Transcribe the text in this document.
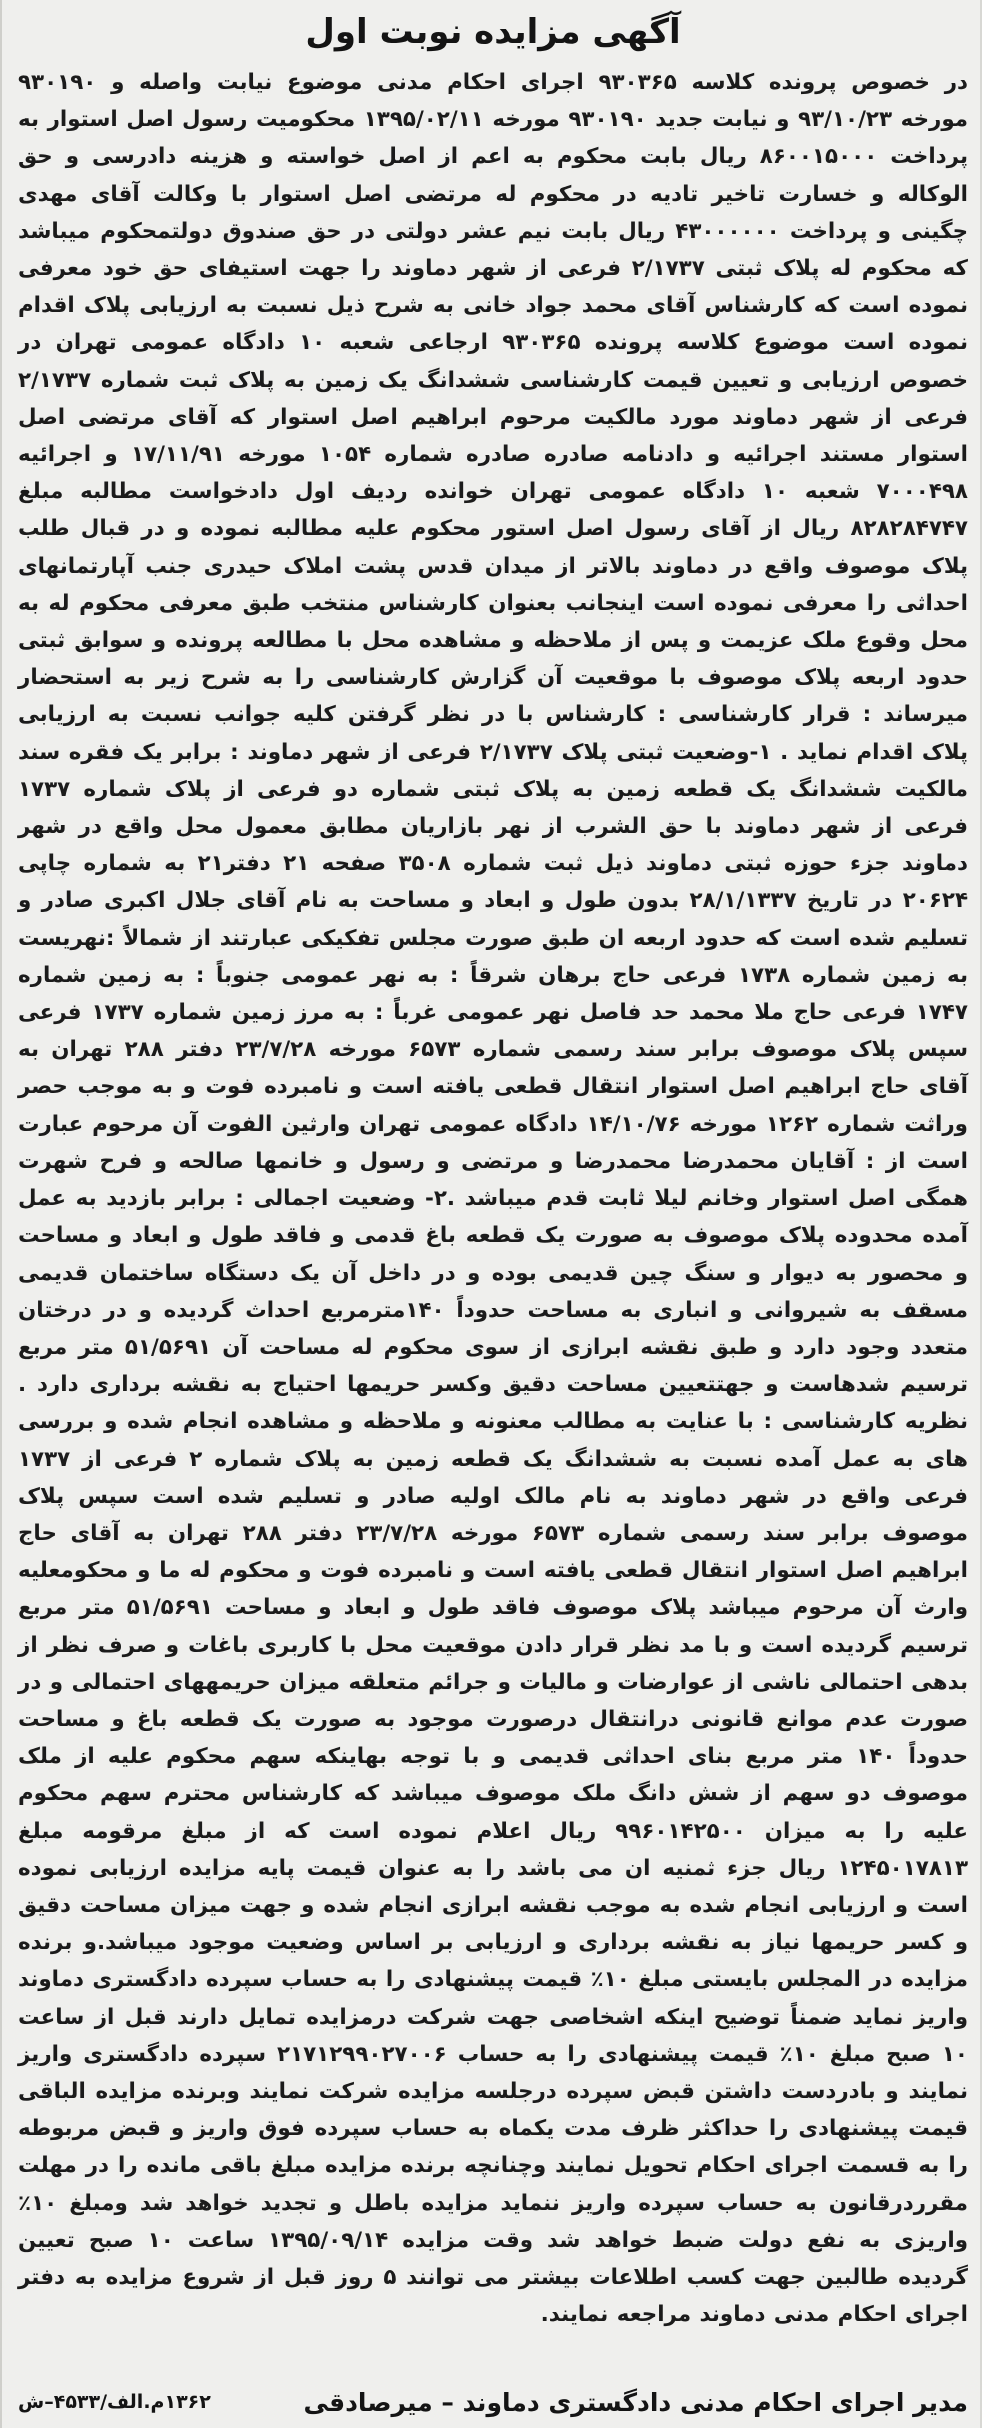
آگهی مزایده نوبت اول
در خصوص پرونده کلاسه ۹۳۰۳۶۵ اجرای احکام مدنی موضوع نیابت واصله و ۹۳۰۱۹۰ مورخه ۹۳/۱۰/۲۳ و نیابت جدید ۹۳۰۱۹۰ مورخه ۱۳۹۵/۰۲/۱۱ محکومیت رسول اصل استوار به پرداخت ۸۶۰۰۱۵۰۰۰ ریال بابت محکوم به اعم از اصل خواسته و هزینه دادرسی و حق الوکاله و خسارت تاخیر تادیه در محکوم له مرتضی اصل استوار با وکالت آقای مهدی چگینی و پرداخت ۴۳۰۰۰۰۰۰ ریال بابت نیم عشر دولتی در حق صندوق دولتمحکوم میباشد که محکوم له پلاک ثبتی ۲/۱۷۳۷ فرعی از شهر دماوند را جهت استیفای حق خود معرفی نموده است که کارشناس آقای محمد جواد خانی به شرح ذیل نسبت به ارزیابی پلاک اقدام نموده است موضوع کلاسه پرونده ۹۳۰۳۶۵ ارجاعی شعبه ۱۰ دادگاه عمومی تهران در خصوص ارزیابی و تعیین قیمت کارشناسی ششدانگ یک زمین به پلاک ثبت شماره ۲/۱۷۳۷ فرعی از شهر دماوند مورد مالکیت مرحوم ابراهیم اصل استوار که آقای مرتضی اصل استوار مستند اجرائیه و دادنامه صادره صادره شماره ۱۰۵۴ مورخه ۱۷/۱۱/۹۱ و اجرائیه ۷۰۰۰۴۹۸ شعبه ۱۰ دادگاه عمومی تهران خوانده ردیف اول دادخواست مطالبه مبلغ ۸۲۸۲۸۴۷۴۷ ریال از آقای رسول اصل استور محکوم علیه مطالبه نموده و در قبال طلب پلاک موصوف واقع در دماوند بالاتر از میدان قدس پشت املاک حیدری جنب آپارتمانهای احداثی را معرفی نموده است اینجانب بعنوان کارشناس منتخب طبق معرفی محکوم له به محل وقوع ملک عزیمت و پس از ملاحظه و مشاهده محل با مطالعه پرونده و سوابق ثبتی حدود اربعه پلاک موصوف با موقعیت آن گزارش کارشناسی را به شرح زیر به استحضار میرساند : قرار کارشناسی : کارشناس با در نظر گرفتن کلیه جوانب نسبت به ارزیابی پلاک اقدام نماید . ۱-وضعیت ثبتی پلاک ۲/۱۷۳۷ فرعی از شهر دماوند : برابر یک فقره سند مالکیت ششدانگ یک قطعه زمین به پلاک ثبتی شماره دو فرعی از پلاک شماره ۱۷۳۷ فرعی از شهر دماوند با حق الشرب از نهر بازاریان مطابق معمول محل واقع در شهر دماوند جزء حوزه ثبتی دماوند ذیل ثبت شماره ۳۵۰۸ صفحه ۲۱ دفتر۲۱ به شماره چاپی ۲۰۶۲۴ در تاریخ ۲۸/۱/۱۳۳۷ بدون طول و ابعاد و مساحت به نام آقای جلال اکبری صادر و تسلیم شده است که حدود اربعه ان طبق صورت مجلس تفکیکی عبارتند از شمالاً :نهریست به زمین شماره ۱۷۳۸ فرعی حاج برهان شرقاً : به نهر عمومی جنوباً : به زمین شماره ۱۷۴۷ فرعی حاج ملا محمد حد فاصل نهر عمومی غرباً : به مرز زمین شماره ۱۷۳۷ فرعی سپس پلاک موصوف برابر سند رسمی شماره ۶۵۷۳ مورخه ۲۳/۷/۲۸ دفتر ۲۸۸ تهران به آقای حاج ابراهیم اصل استوار انتقال قطعی یافته است و نامبرده فوت و به موجب حصر وراثت شماره ۱۲۶۲ مورخه ۱۴/۱۰/۷۶ دادگاه عمومی تهران وارثین الفوت آن مرحوم عبارت است از : آقایان محمدرضا محمدرضا و مرتضی و رسول و خانمها صالحه و فرح شهرت همگی اصل استوار وخانم لیلا ثابت قدم میباشد .۲- وضعیت اجمالی : برابر بازدید به عمل آمده محدوده پلاک موصوف به صورت یک قطعه باغ قدمی و فاقد طول و ابعاد و مساحت و محصور به دیوار و سنگ چین قدیمی بوده و در داخل آن یک دستگاه ساختمان قدیمی مسقف به شیروانی و انباری به مساحت حدوداً ۱۴۰مترمربع احداث گردیده و در درختان متعدد وجود دارد و طبق نقشه ابرازی از سوی محکوم له مساحت آن ۵۱/۵۶۹۱ متر مربع ترسیم شدهاست و جهتتعیین مساحت دقیق وکسر حریمها احتیاج به نقشه برداری دارد . نظریه کارشناسی : با عنایت به مطالب معنونه و ملاحظه و مشاهده انجام شده و بررسی های به عمل آمده نسبت به ششدانگ یک قطعه زمین به پلاک شماره ۲ فرعی از ۱۷۳۷ فرعی واقع در شهر دماوند به نام مالک اولیه صادر و تسلیم شده است سپس پلاک موصوف برابر سند رسمی شماره ۶۵۷۳ مورخه ۲۳/۷/۲۸ دفتر ۲۸۸ تهران به آقای حاج ابراهیم اصل استوار انتقال قطعی یافته است و نامبرده فوت و محکوم له ما و محکومعلیه وارث آن مرحوم میباشد پلاک موصوف فاقد طول و ابعاد و مساحت ۵۱/۵۶۹۱ متر مربع ترسیم گردیده است و با مد نظر قرار دادن موقعیت محل با کاربری باغات و صرف نظر از بدهی احتمالی ناشی از عوارضات و مالیات و جرائم متعلقه میزان حریمههای احتمالی و در صورت عدم موانع قانونی درانتقال درصورت موجود به صورت یک قطعه باغ و مساحت حدوداً ۱۴۰ متر مربع بنای احداثی قدیمی و با توجه بهاینکه سهم محکوم علیه از ملک موصوف دو سهم از شش دانگ ملک موصوف میباشد که کارشناس محترم سهم محکوم علیه را به میزان ۹۹۶۰۱۴۲۵۰۰ ریال اعلام نموده است که از مبلغ مرقومه مبلغ ۱۲۴۵۰۱۷۸۱۳ ریال جزء ثمنیه ان می باشد را به عنوان قیمت پایه مزایده ارزیابی نموده است و ارزیابی انجام شده به موجب نقشه ابرازی انجام شده و جهت میزان مساحت دقیق و کسر حریمها نیاز به نقشه برداری و ارزیابی بر اساس وضعیت موجود میباشد.و برنده مزایده در المجلس بایستی مبلغ ۱۰٪ قیمت پیشنهادی را به حساب سپرده دادگستری دماوند واریز نماید ضمناً توضیح اینکه اشخاصی جهت شرکت درمزایده تمایل دارند قبل از ساعت ۱۰ صبح مبلغ ۱۰٪ قیمت پیشنهادی را به حساب ۲۱۷۱۲۹۹۰۲۷۰۰۶ سپرده دادگستری واریز نمایند و بادردست داشتن قبض سپرده درجلسه مزایده شرکت نمایند وبرنده مزایده الباقی قیمت پیشنهادی را حداکثر ظرف مدت یکماه به حساب سپرده فوق واریز و قبض مربوطه را به قسمت اجرای احکام تحویل نمایند وچنانچه برنده مزایده مبلغ باقی مانده را در مهلت مقرردرقانون به حساب سپرده واریز ننماید مزایده باطل و تجدید خواهد شد ومبلغ ۱۰٪ واریزی به نفع دولت ضبط خواهد شد وقت مزایده ۱۳۹۵/۰۹/۱۴ ساعت ۱۰ صبح تعیین گردیده طالبین جهت کسب اطلاعات بیشتر می توانند ۵ روز قبل از شروع مزایده به دفتر اجرای احکام مدنی دماوند مراجعه نمایند.
مدیر اجرای احکام مدنی دادگستری دماوند – میرصادقی
۱۳۶۲م.الف/۴۵۳۳–ش
